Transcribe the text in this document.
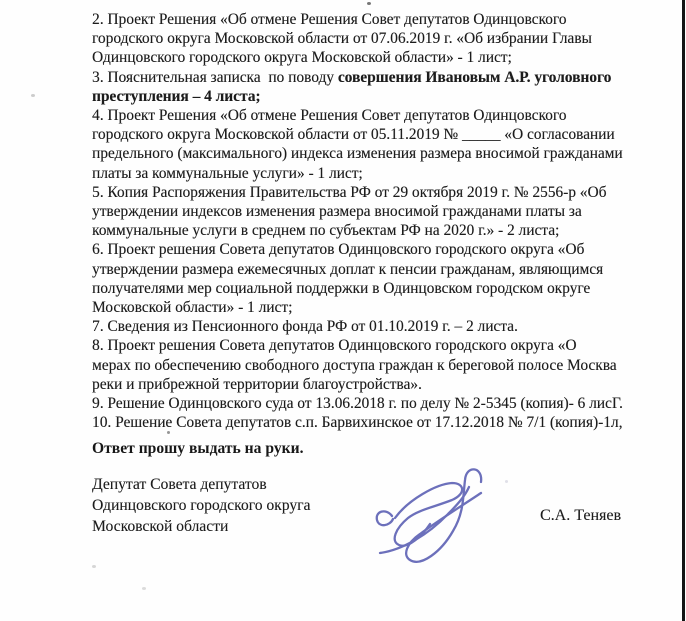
2. Проект Решения «Об отмене Решения Совет депутатов Одинцовского
городского округа Московской области от 07.06.2019 г. «Об избрании Главы
Одинцовского городского округа Московской области» - 1 лист;
3. Пояснительная записка  по поводу совершения Ивановым А.Р. уголовного
преступления – 4 листа;
4. Проект Решения «Об отмене Решения Совет депутатов Одинцовского
городского округа Московской области от 05.11.2019 № _____ «О согласовании
предельного (максимального) индекса изменения размера вносимой гражданами
платы за коммунальные услуги» - 1 лист;
5. Копия Распоряжения Правительства РФ от 29 октября 2019 г. № 2556-р «Об
утверждении индексов изменения размера вносимой гражданами платы за
коммунальные услуги в среднем по субъектам РФ на 2020 г.» - 2 листа;
6. Проект решения Совета депутатов Одинцовского городского округа «Об
утверждении размера ежемесячных доплат к пенсии гражданам, являющимся
получателями мер социальной поддержки в Одинцовском городском округе
Московской области» - 1 лист;
7. Сведения из Пенсионного фонда РФ от 01.10.2019 г. – 2 листа.
8. Проект решения Совета депутатов Одинцовского городского округа «О
мерах по обеспечению свободного доступа граждан к береговой полосе Москва
реки и прибрежной территории благоустройства».
9. Решение Одинцовского суда от 13.06.2018 г. по делу № 2-5345 (копия)- 6 лисГ.
10. Решение Совета депутатов с.п. Барвихинское от 17.12.2018 № 7/1 (копия)-1л,

Ответ прошу выдать на руки.

Депутат Совета депутатов
Одинцовского городского округа
Московской области
С.А. Теняев
